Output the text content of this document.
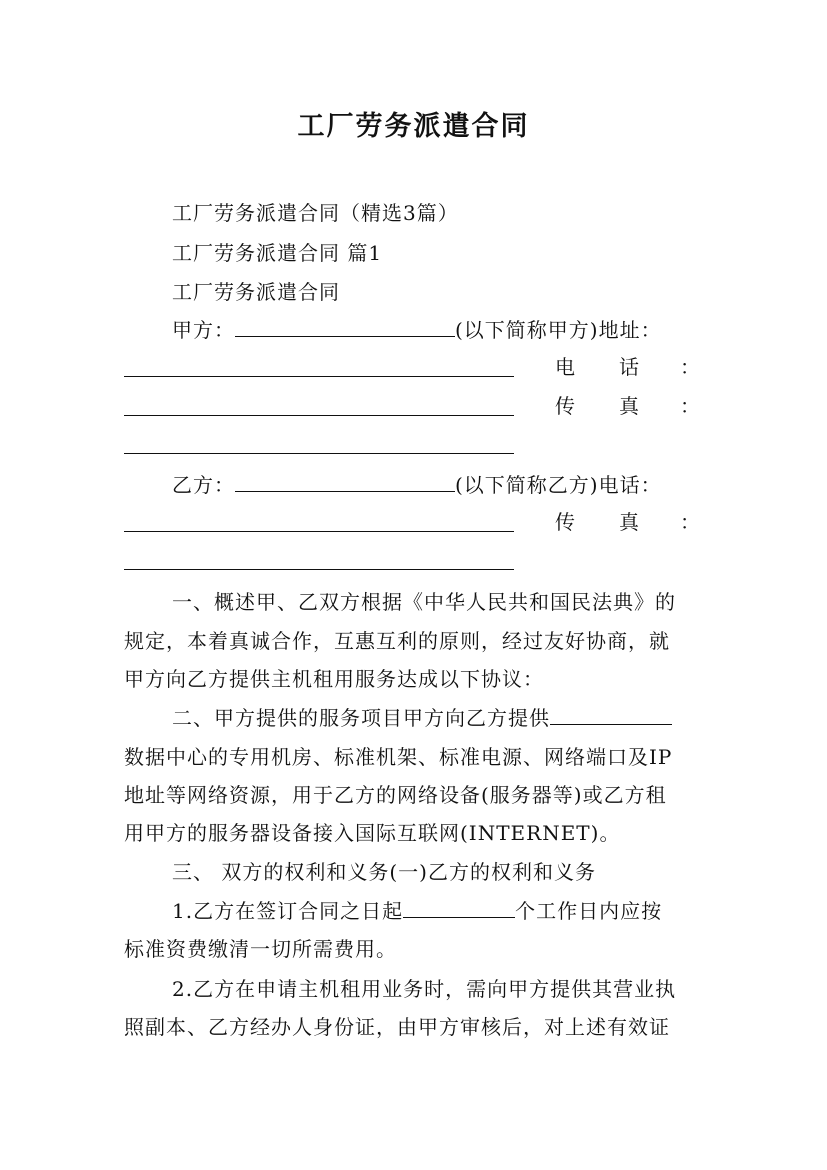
工厂劳务派遣合同
工厂劳务派遣合同（精选3篇）
工厂劳务派遣合同 篇1
工厂劳务派遣合同
甲方：	(以下简称甲方)地址：
电 话 ：
传 真 ：
乙方：	(以下简称乙方)电话：
传 真 ：
一、概述甲、乙双方根据《中华人民共和国民法典》的
规定，本着真诚合作，互惠互利的原则，经过友好协商，就
甲方向乙方提供主机租用服务达成以下协议：
二、甲方提供的服务项目甲方向乙方提供
数据中心的专用机房、标准机架、标准电源、网络端口及IP
地址等网络资源，用于乙方的网络设备(服务器等)或乙方租
用甲方的服务器设备接入国际互联网(INTERNET)。
三、 双方的权利和义务(一)乙方的权利和义务
1.乙方在签订合同之日起	个工作日内应按
标准资费缴清一切所需费用。
2.乙方在申请主机租用业务时，需向甲方提供其营业执
照副本、乙方经办人身份证，由甲方审核后，对上述有效证
